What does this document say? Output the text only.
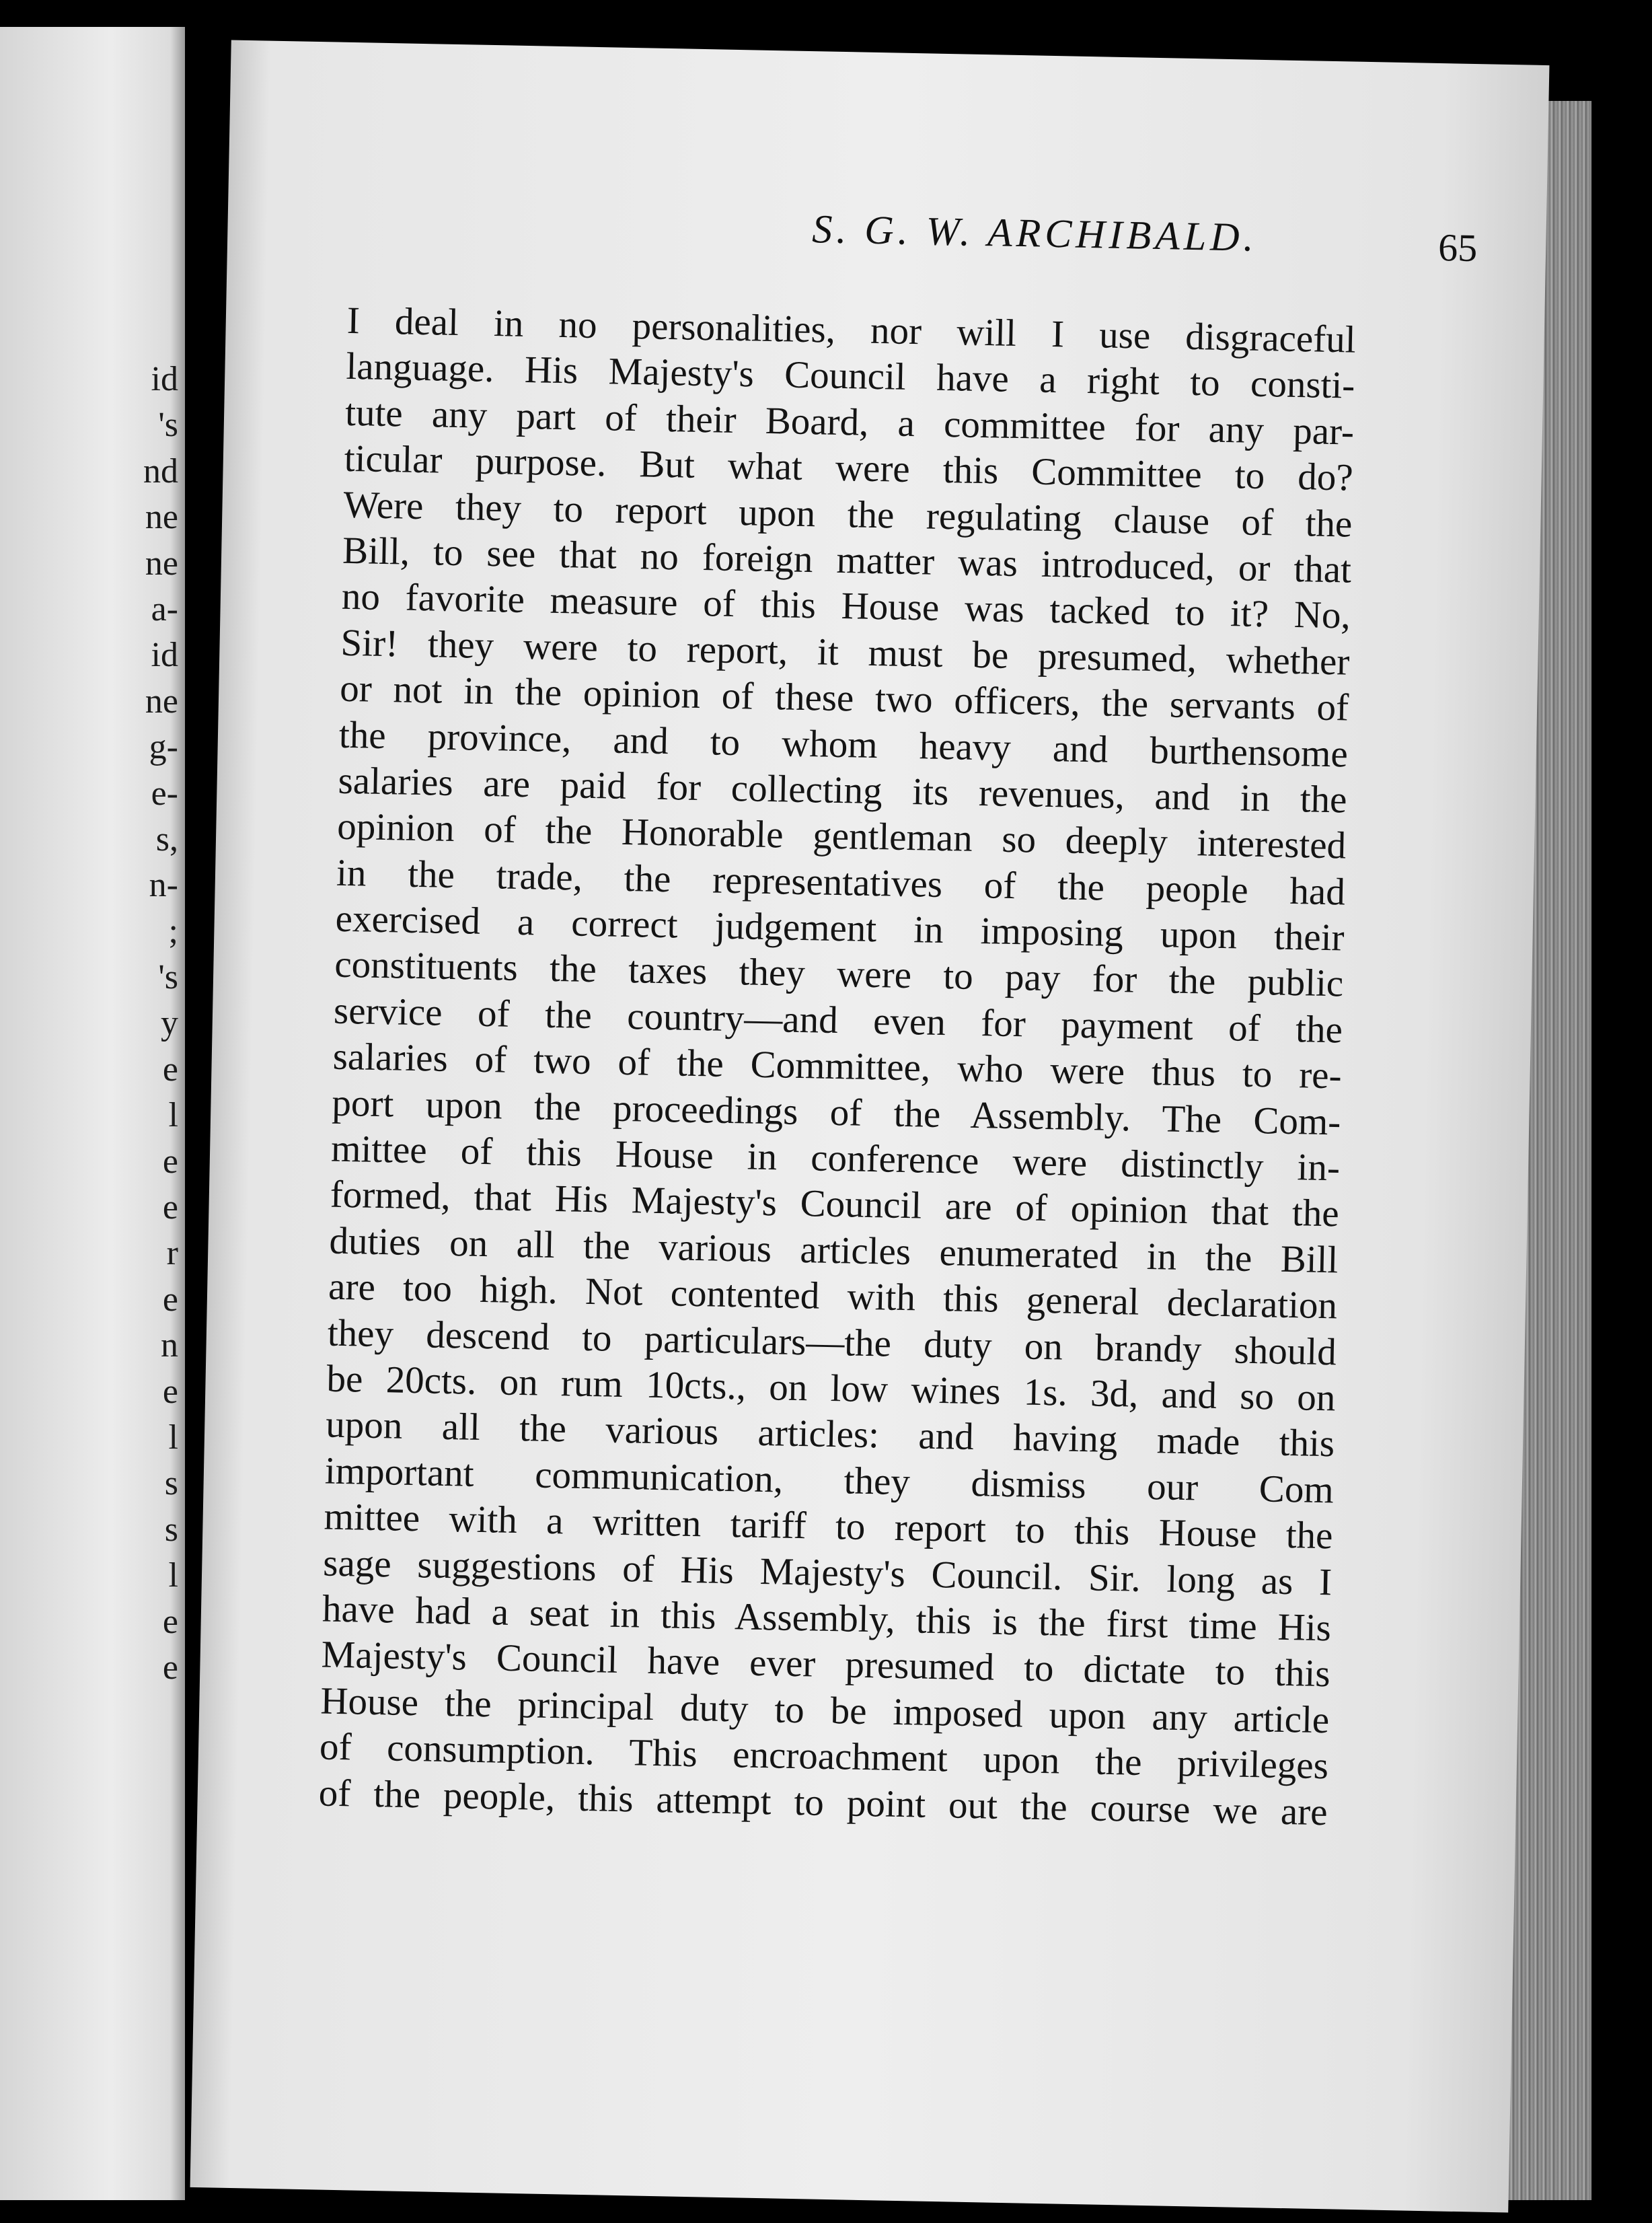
id
's
nd
ne
ne
a-
id
ne
g-
e-
s,
n-
;
's
y
e
l
e
e
r
e
n
e
l
s
s
l
e
e
S. G. W. ARCHIBALD.	65
I deal in no personalities, nor will I use disgraceful
language. His Majesty's Council have a right to consti-
tute any part of their Board, a committee for any par-
ticular purpose. But what were this Committee to do?
Were they to report upon the regulating clause of the
Bill, to see that no foreign matter was introduced, or that
no favorite measure of this House was tacked to it? No,
Sir! they were to report, it must be presumed, whether
or not in the opinion of these two officers, the servants of
the province, and to whom heavy and burthensome
salaries are paid for collecting its revenues, and in the
opinion of the Honorable gentleman so deeply interested
in the trade, the representatives of the people had
exercised a correct judgement in imposing upon their
constituents the taxes they were to pay for the public
service of the country—and even for payment of the
salaries of two of the Committee, who were thus to re-
port upon the proceedings of the Assembly. The Com-
mittee of this House in conference were distinctly in-
formed, that His Majesty's Council are of opinion that the
duties on all the various articles enumerated in the Bill
are too high. Not contented with this general declaration
they descend to particulars—the duty on brandy should
be 20cts. on rum 10cts., on low wines 1s. 3d, and so on
upon all the various articles: and having made this
important communication, they dismiss our Com
mittee with a written tariff to report to this House the
sage suggestions of His Majesty's Council. Sir. long as I
have had a seat in this Assembly, this is the first time His
Majesty's Council have ever presumed to dictate to this
House the principal duty to be imposed upon any article
of consumption. This encroachment upon the privileges
of the people, this attempt to point out the course we are
